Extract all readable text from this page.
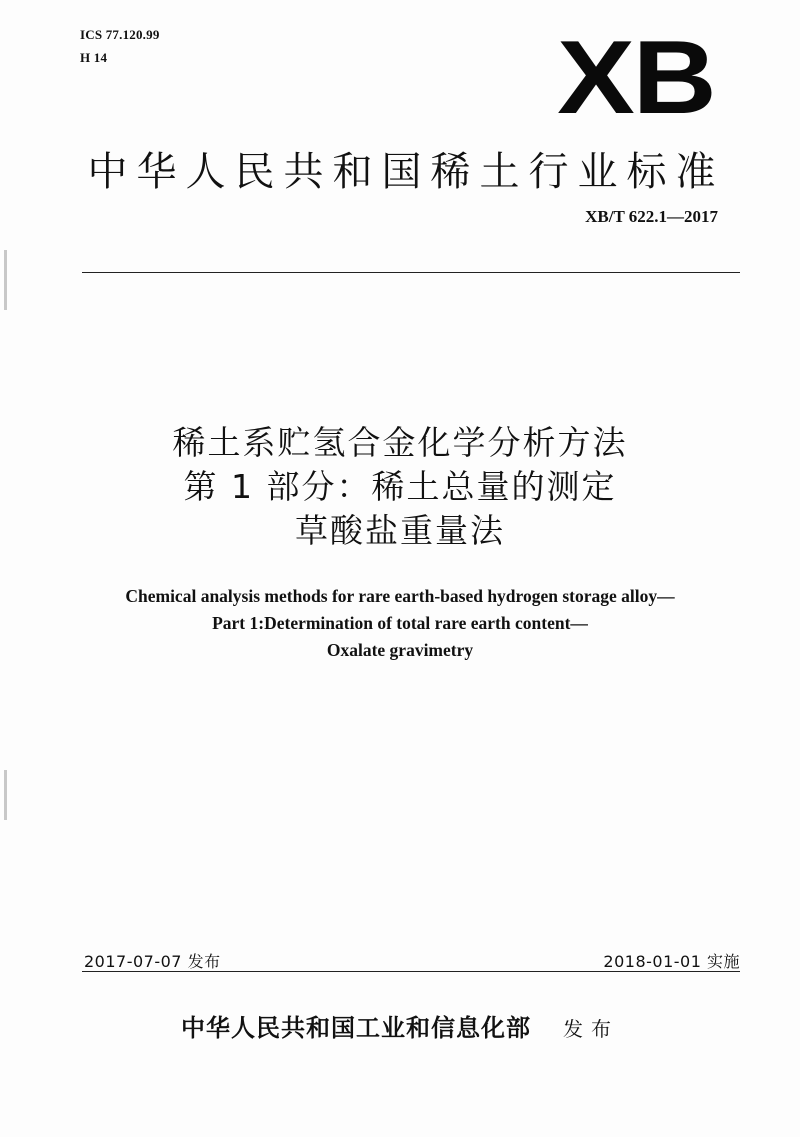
ICS 77.120.99
H 14	XB
中华人民共和国稀土行业标准
XB/T 622.1—2017
稀土系贮氢合金化学分析方法
第 1 部分：稀土总量的测定
草酸盐重量法
Chemical analysis methods for rare earth-based hydrogen storage alloy—
Part 1:Determination of total rare earth content—
Oxalate gravimetry
2017-07-07 发布	2018-01-01 实施
中华人民共和国工业和信息化部 发布
